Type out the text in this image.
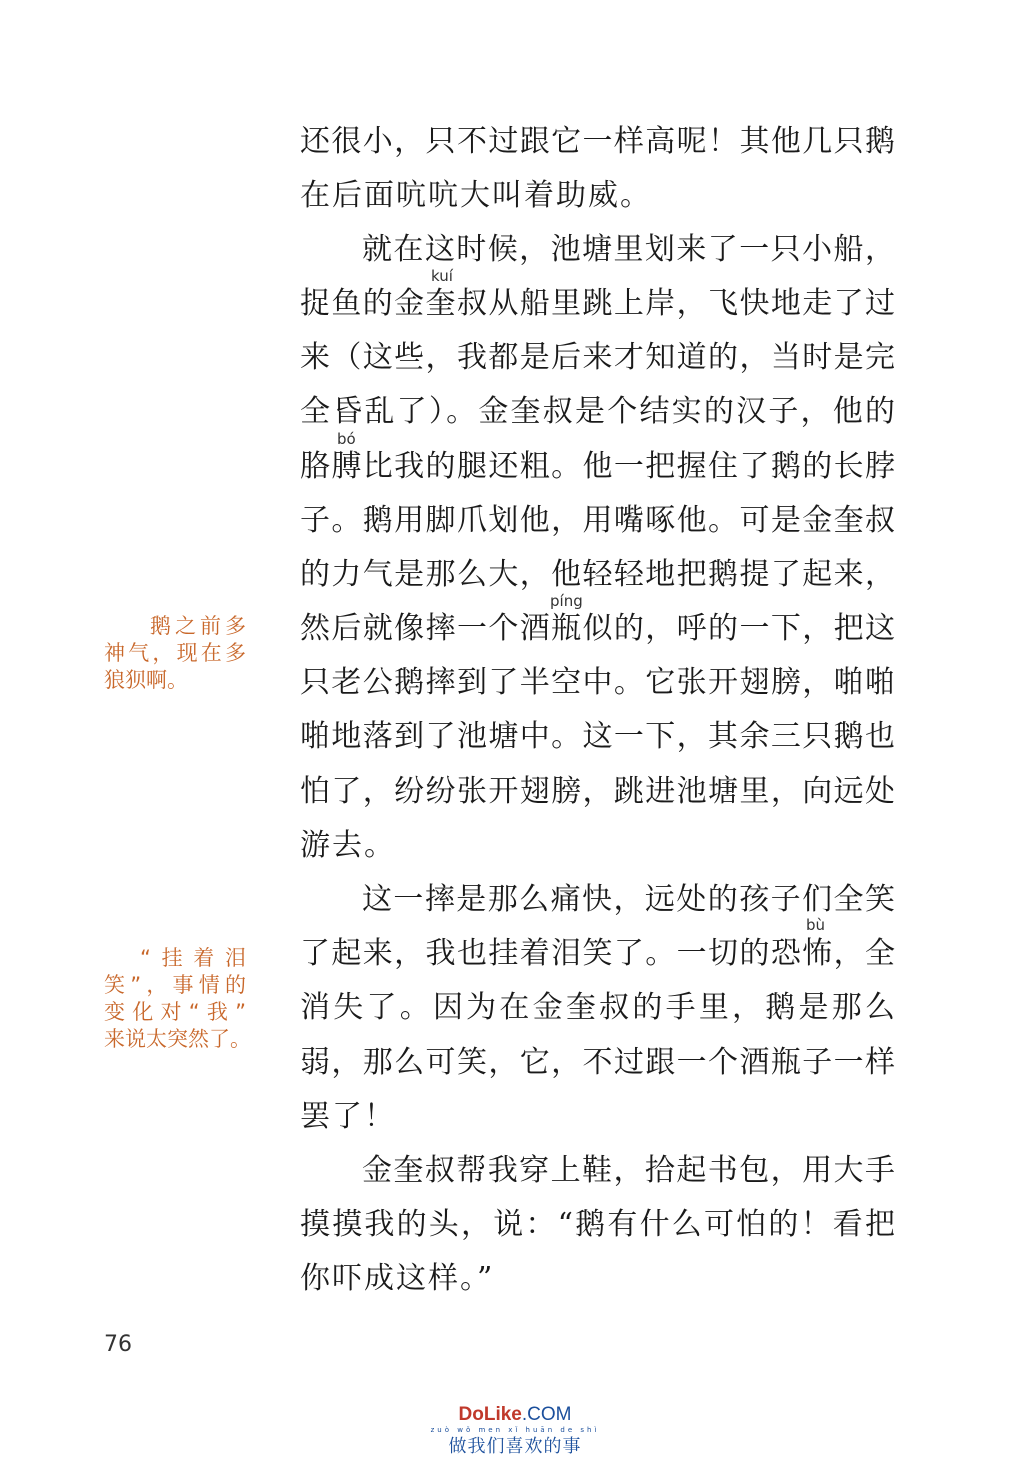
还很小，只不过跟它一样高呢！其他几只鹅
在后面吭吭大叫着助威。
就在这时候，池塘里划来了一只小船，
捉鱼的金奎叔从船里跳上岸，飞快地走了过
来（这些，我都是后来才知道的，当时是完
全昏乱了）。金奎叔是个结实的汉子，他的
胳膊比我的腿还粗。他一把握住了鹅的长脖
子。鹅用脚爪划他，用嘴啄他。可是金奎叔
的力气是那么大，他轻轻地把鹅提了起来，
然后就像摔一个酒瓶似的，呼的一下，把这
只老公鹅摔到了半空中。它张开翅膀，啪啪
啪地落到了池塘中。这一下，其余三只鹅也
怕了，纷纷张开翅膀，跳进池塘里，向远处
游去。
这一摔是那么痛快，远处的孩子们全笑
了起来，我也挂着泪笑了。一切的恐怖，全
消失了。因为在金奎叔的手里，鹅是那么
弱，那么可笑，它，不过跟一个酒瓶子一样
罢了！
金奎叔帮我穿上鞋，拾起书包，用大手
摸摸我的头，说：“鹅有什么可怕的！看把
你吓成这样。”
kuí
bó
píng
bù
鹅之前多
神气，现在多
狼狈啊。
“挂着泪
笑”，事情的
变化对“我”
来说太突然了。
76
DoLike.COM
zuò wǒ men xǐ huān de shì
做我们喜欢的事
